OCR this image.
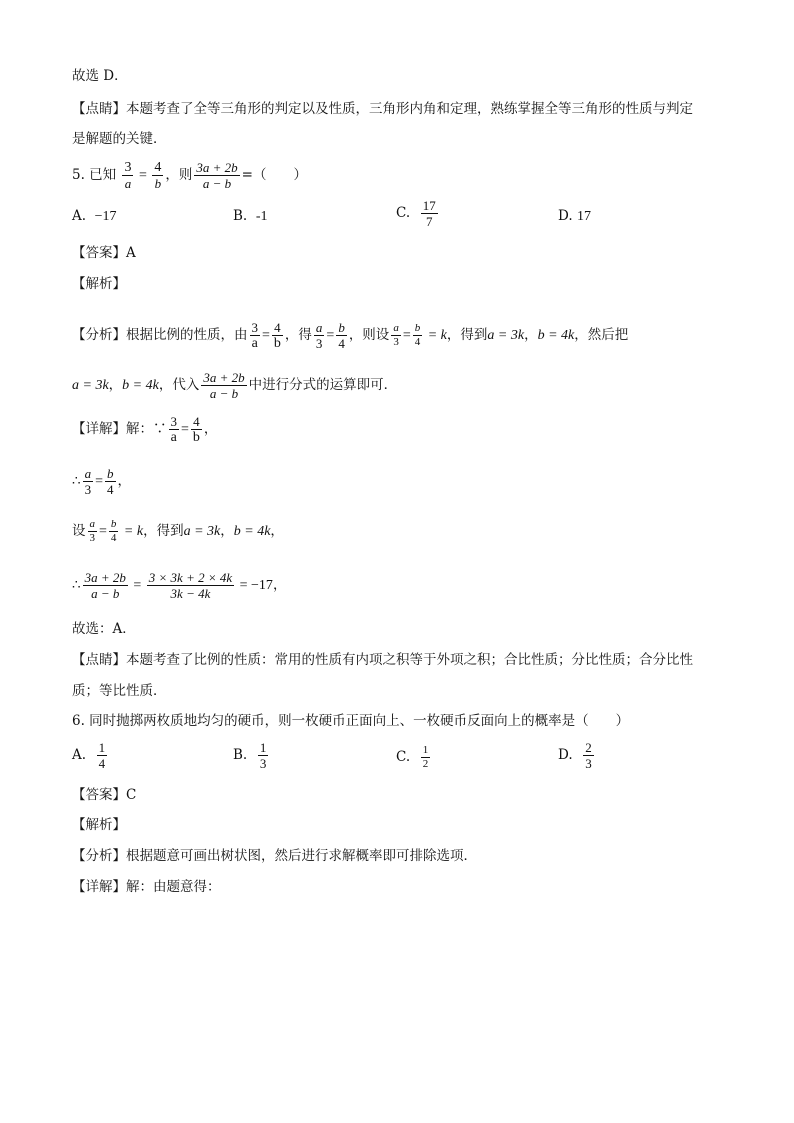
故选 D．
【点睛】本题考查了全等三角形的判定以及性质，三角形内角和定理，熟练掌握全等三角形的性质与判定
是解题的关键．
5. 已知 $\frac{3}{a} = \frac{4}{b}$ ，则 $\frac{3a + 2b}{a - b}$ =（　　）
A. −17	B. -1	C. $\frac{17}{7}$	D. 17
【答案】A
【解析】
【分析】根据比例的性质，由 $\frac{3}{a} = \frac{4}{b}$ ，得 $\frac{a}{3} = \frac{b}{4}$ ，则设 $\frac{a}{3} = \frac{b}{4} = k$，得到a = 3k，b = 4k，然后把
a = 3k，b = 4k，代入 $\frac{3a + 2b}{a - b}$ 中进行分式的运算即可．
【详解】解：∵ $\frac{3}{a} = \frac{4}{b}$ ，
∴ $\frac{a}{3} = \frac{b}{4}$ ，
设 $\frac{a}{3} = \frac{b}{4} = k$，得到a = 3k，b = 4k，
∴ $\frac{3a + 2b}{a - b} = \frac{3 \times 3k + 2 \times 4k}{3k - 4k} = -17$，
故选：A．
【点睛】本题考查了比例的性质：常用的性质有内项之积等于外项之积；合比性质；分比性质；合分比性
质；等比性质．
6. 同时抛掷两枚质地均匀的硬币，则一枚硬币正面向上、一枚硬币反面向上的概率是（　　）
A. $\frac{1}{4}$	B. $\frac{1}{3}$	C. $\frac{1}{2}$	D. $\frac{2}{3}$
【答案】C
【解析】
【分析】根据题意可画出树状图，然后进行求解概率即可排除选项．
【详解】解：由题意得：
